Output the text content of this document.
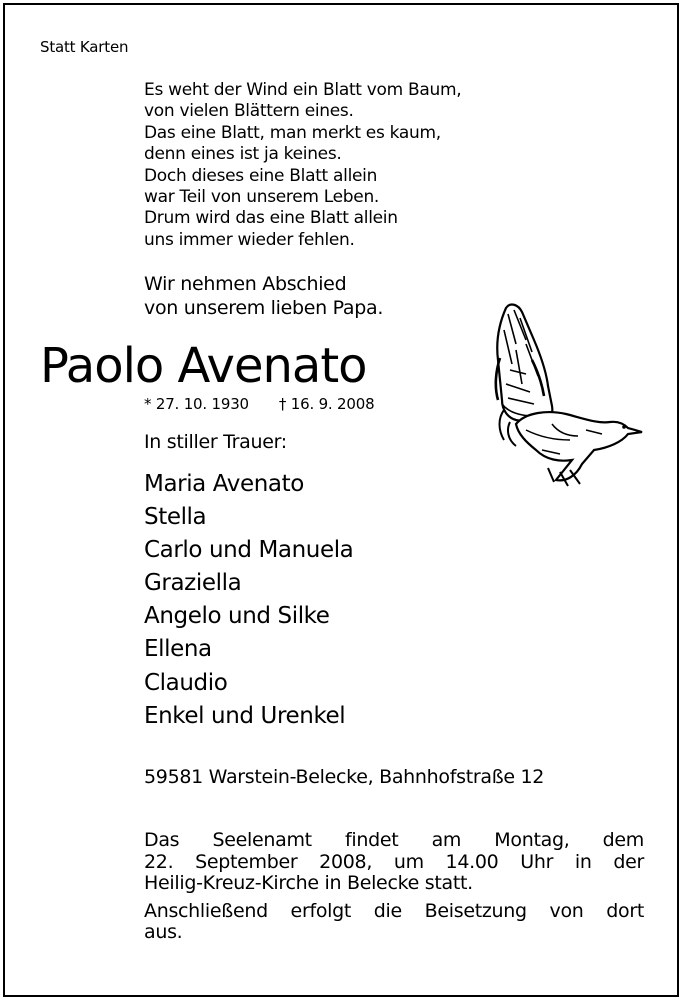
Statt Karten
Es weht der Wind ein Blatt vom Baum,
von vielen Blättern eines.
Das eine Blatt, man merkt es kaum,
denn eines ist ja keines.
Doch dieses eine Blatt allein
war Teil von unserem Leben.
Drum wird das eine Blatt allein
uns immer wieder fehlen.
Wir nehmen Abschied
von unserem lieben Papa.
Paolo Avenato
* 27. 10. 1930 † 16. 9. 2008
In stiller Trauer:
Maria Avenato
Stella
Carlo und Manuela
Graziella
Angelo und Silke
Ellena
Claudio
Enkel und Urenkel
59581 Warstein-Belecke, Bahnhofstraße 12

Das Seelenamt findet am Montag, dem
22. September 2008, um 14.00 Uhr in der
Heilig-Kreuz-Kirche in Belecke statt.

Anschließend erfolgt die Beisetzung von dort
aus.
